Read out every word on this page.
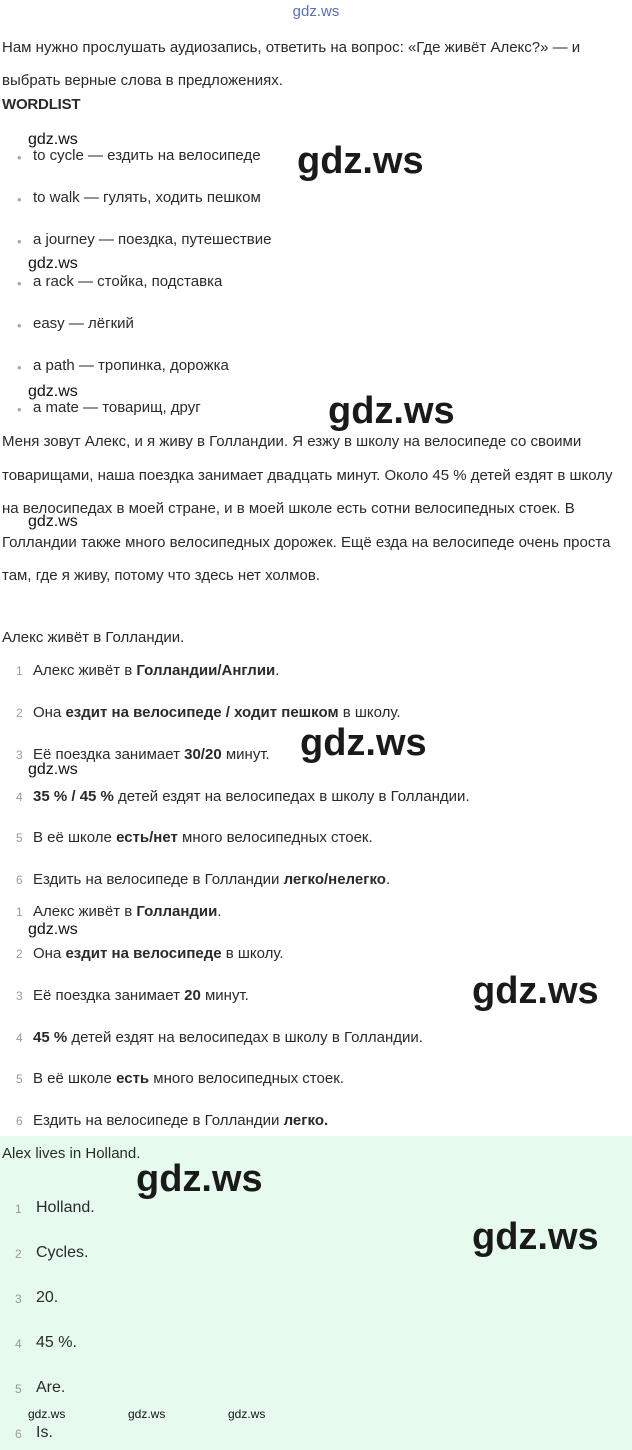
gdz.ws
Нам нужно прослушать аудиозапись, ответить на вопрос: «Где живёт Алекс?» — и выбрать верные слова в предложениях.
WORDLIST
• to cycle — ездить на велосипеде
• to walk — гулять, ходить пешком
• a journey — поездка, путешествие
• a rack — стойка, подставка
• easy — лёгкий
• a path — тропинка, дорожка
• a mate — товарищ, друг
Меня зовут Алекс, и я живу в Голландии. Я езжу в школу на велосипеде со своими товарищами, наша поездка занимает двадцать минут. Около 45 % детей ездят в школу на велосипедах в моей стране, и в моей школе есть сотни велосипедных стоек. В Голландии также много велосипедных дорожек. Ещё езда на велосипеде очень проста там, где я живу, потому что здесь нет холмов.
Алекс живёт в Голландии.
1 Алекс живёт в Голландии/Англии.
2 Она ездит на велосипеде / ходит пешком в школу.
3 Её поездка занимает 30/20 минут.
4 35 % / 45 % детей ездят на велосипедах в школу в Голландии.
5 В её школе есть/нет много велосипедных стоек.
6 Ездить на велосипеде в Голландии легко/нелегко.
1 Алекс живёт в Голландии.
2 Она ездит на велосипеде в школу.
3 Её поездка занимает 20 минут.
4 45 % детей ездят на велосипедах в школу в Голландии.
5 В её школе есть много велосипедных стоек.
6 Ездить на велосипеде в Голландии легко.
Alex lives in Holland.
1 Holland.
2 Cycles.
3 20.
4 45 %.
5 Are.
6 Is.
gdz.ws
gdz.ws
gdz.ws
gdz.ws
gdz.ws
gdz.ws
gdz.ws
gdz.ws
gdz.ws
gdz.ws
gdz.ws
gdz.ws
gdz.ws	gdz.ws	gdz.ws
